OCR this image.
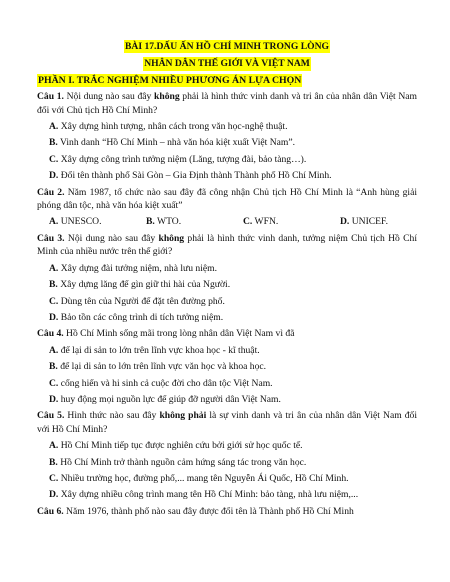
BÀI 17.DẤU ẤN HỒ CHÍ MINH TRONG LÒNG
NHÂN DÂN THẾ GIỚI VÀ VIỆT NAM
PHẦN I. TRẮC NGHIỆM NHIỀU PHƯƠNG ÁN LỰA CHỌN
Câu 1. Nội dung nào sau đây không phải là hình thức vinh danh và tri ân của nhân dân Việt Nam đối với Chủ tịch Hồ Chí Minh?
A. Xây dựng hình tượng, nhân cách trong văn học-nghệ thuật.
B. Vinh danh “Hồ Chí Minh – nhà văn hóa kiệt xuất Việt Nam”.
C. Xây dựng công trình tưởng niệm (Lăng, tượng đài, bảo tàng…).
D. Đổi tên thành phố Sài Gòn – Gia Định thành Thành phố Hồ Chí Minh.
Câu 2. Năm 1987, tổ chức nào sau đây đã công nhận Chủ tịch Hồ Chí Minh là “Anh hùng giải phóng dân tộc, nhà văn hóa kiệt xuất”
A. UNESCO.	B. WTO.	C. WFN.	D. UNICEF.
Câu 3. Nội dung nào sau đây không phải là hình thức vinh danh, tưởng niệm Chủ tịch Hồ Chí Minh của nhiều nước trên thế giới?
A. Xây dựng đài tưởng niệm, nhà lưu niệm.
B. Xây dựng lăng để gìn giữ thi hài của Người.
C. Dùng tên của Người để đặt tên đường phố.
D. Bảo tồn các công trình di tích tưởng niệm.
Câu 4. Hồ Chí Minh sống mãi trong lòng nhân dân Việt Nam vì đã
A. để lại di sản to lớn trên lĩnh vực khoa học - kĩ thuật.
B. để lại di sản to lớn trên lĩnh vực văn học và khoa học.
C. cống hiến và hi sinh cả cuộc đời cho dân tộc Việt Nam.
D. huy động mọi nguồn lực để giúp đỡ người dân Việt Nam.
Câu 5. Hình thức nào sau đây không phải là sự vinh danh và tri ân của nhân dân Việt Nam đối với Hồ Chí Minh?
A. Hồ Chí Minh tiếp tục được nghiên cứu bởi giới sử học quốc tế.
B. Hồ Chí Minh trở thành nguồn cảm hứng sáng tác trong văn học.
C. Nhiều trường học, đường phố,... mang tên Nguyễn Ái Quốc, Hồ Chí Minh.
D. Xây dựng nhiều công trình mang tên Hồ Chí Minh: bảo tàng, nhà lưu niệm,...
Câu 6. Năm 1976, thành phố nào sau đây được đổi tên là Thành phố Hồ Chí Minh
